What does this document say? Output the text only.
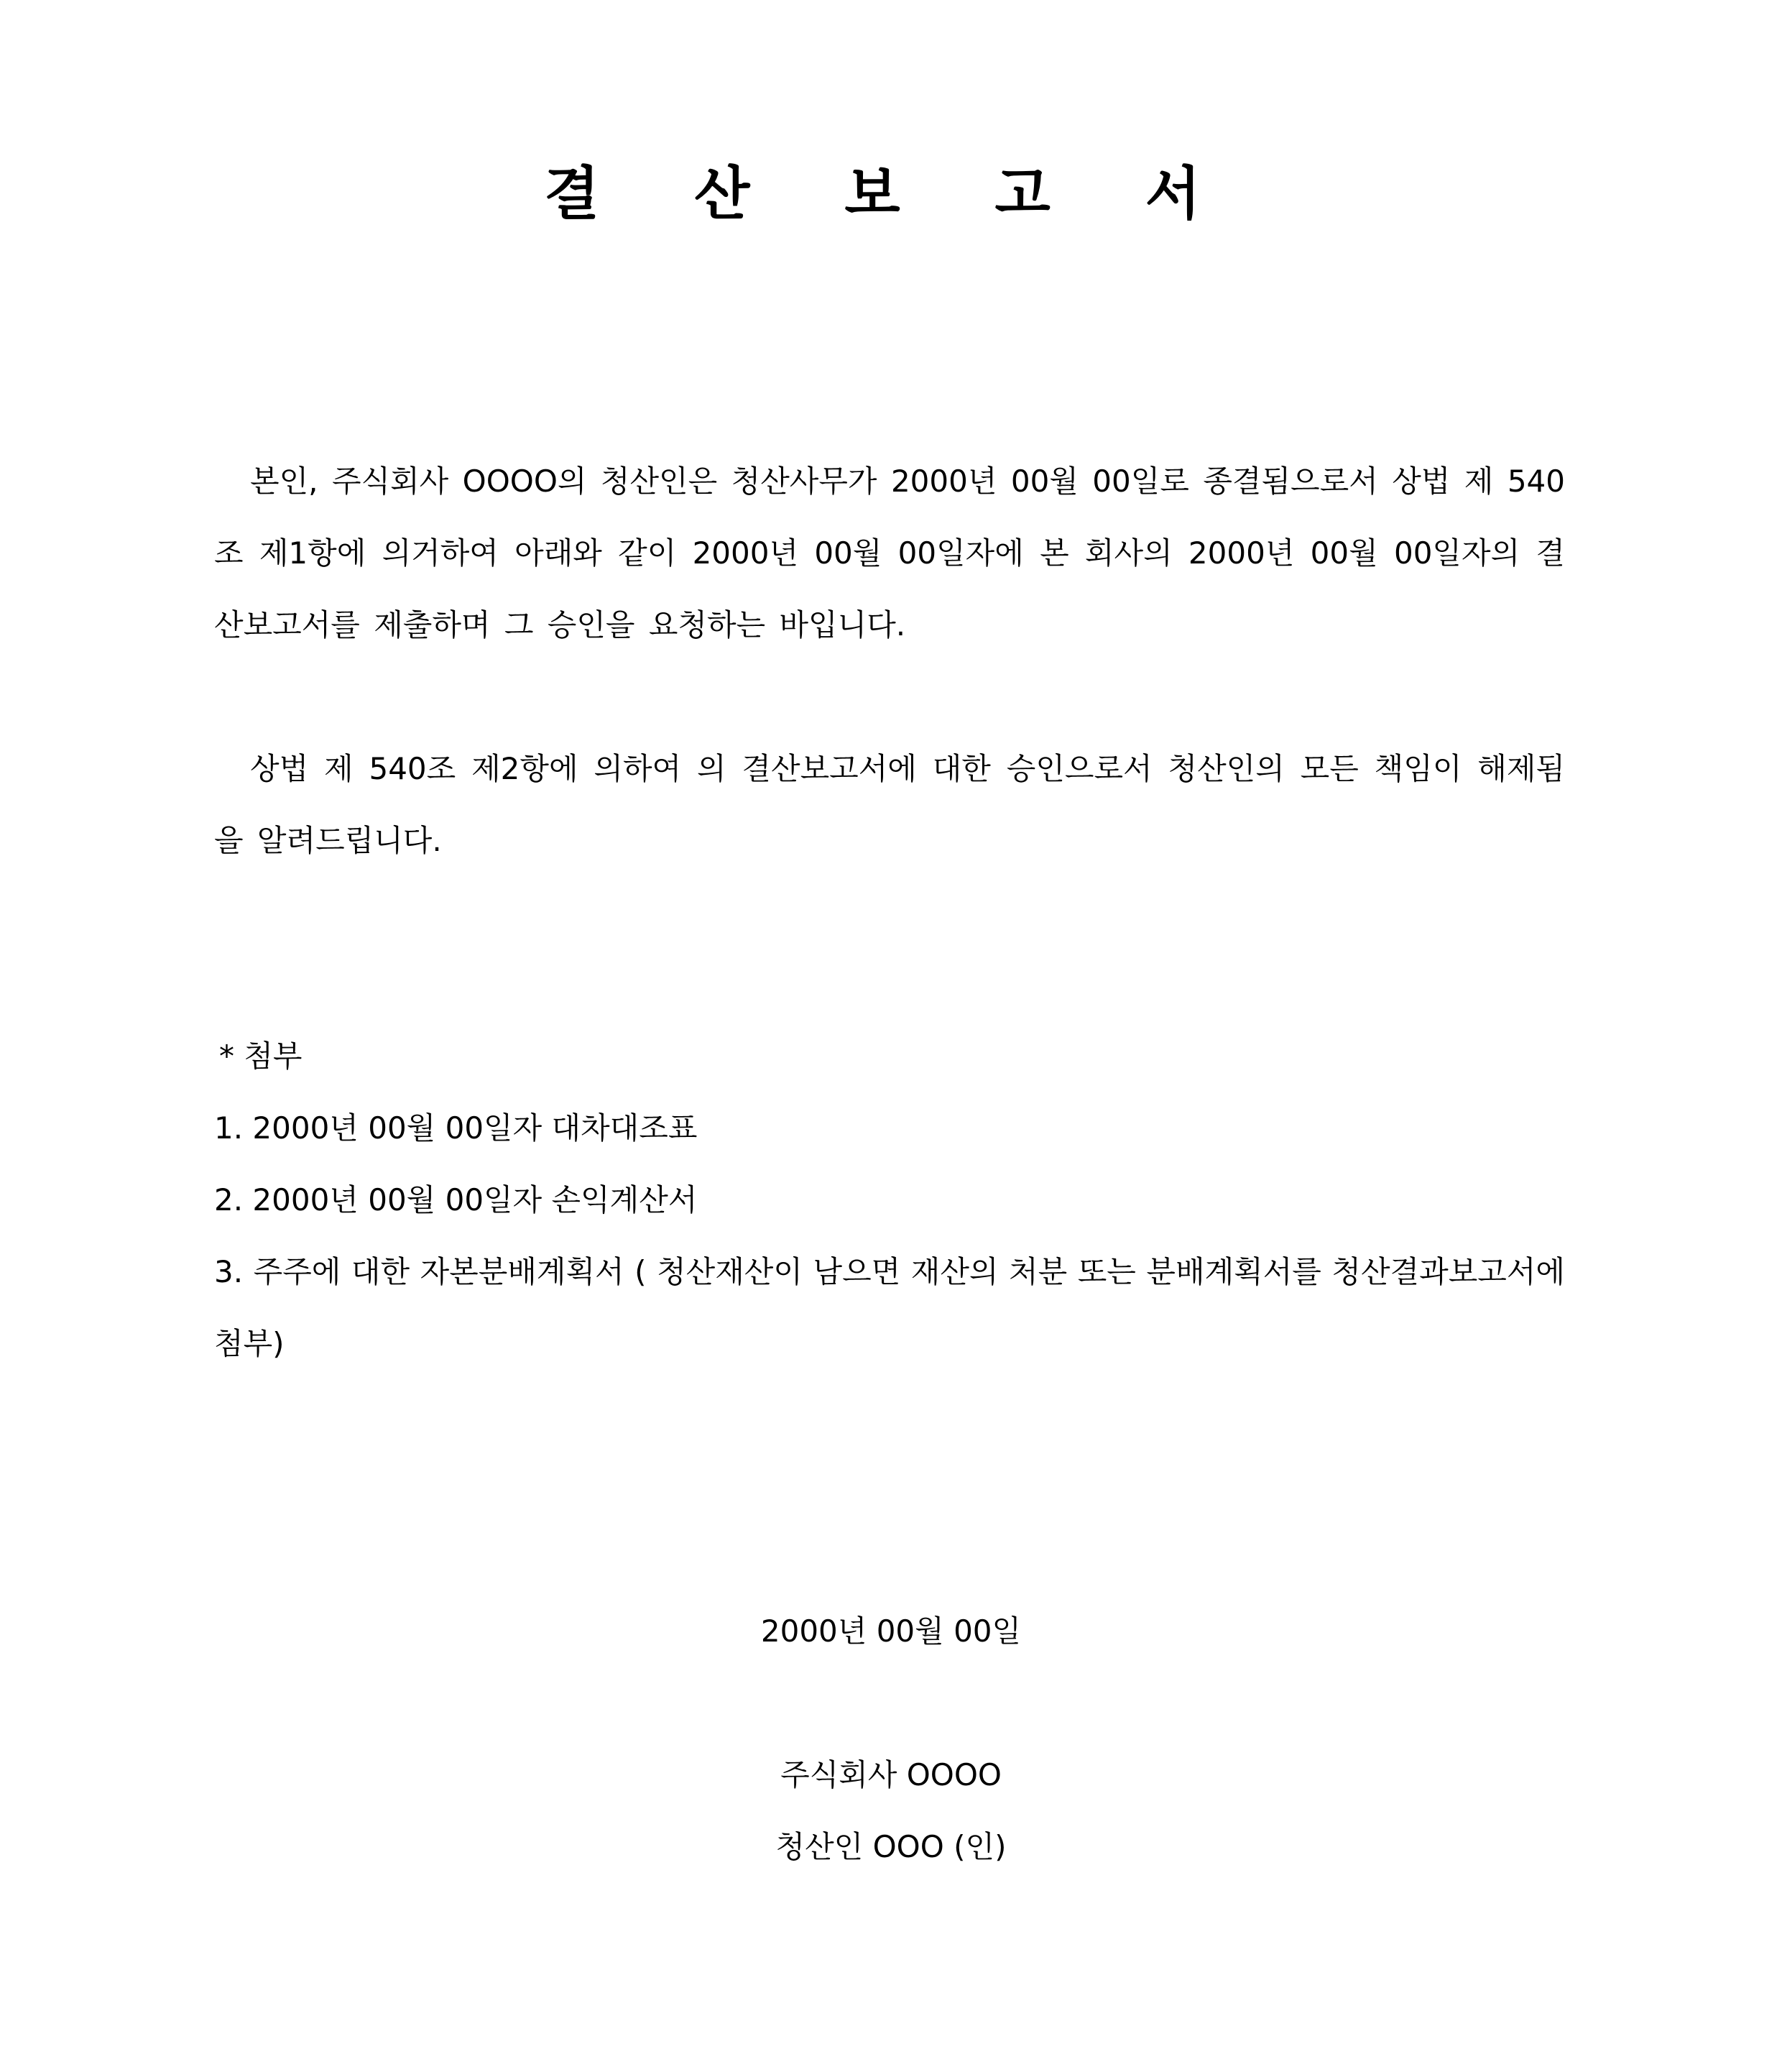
결 산 보 고 서

본인, 주식회사 OOOO의 청산인은 청산사무가 2000년 00월 00일로 종결됨으로서 상법 제 540조 제1항에 의거하여 아래와 같이 2000년 00월 00일자에 본 회사의 2000년 00월 00일자의 결산보고서를 제출하며 그 승인을 요청하는 바입니다.

상법 제 540조 제2항에 의하여 의 결산보고서에 대한 승인으로서 청산인의 모든 책임이 해제됨을 알려드립니다.

* 첨부
1. 2000년 00월 00일자 대차대조표
2. 2000년 00월 00일자 손익계산서
3. 주주에 대한 자본분배계획서 ( 청산재산이 남으면 재산의 처분 또는 분배계획서를 청산결과보고서에 첨부)
2000년 00월 00일
주식회사 OOOO
청산인 OOO (인)
